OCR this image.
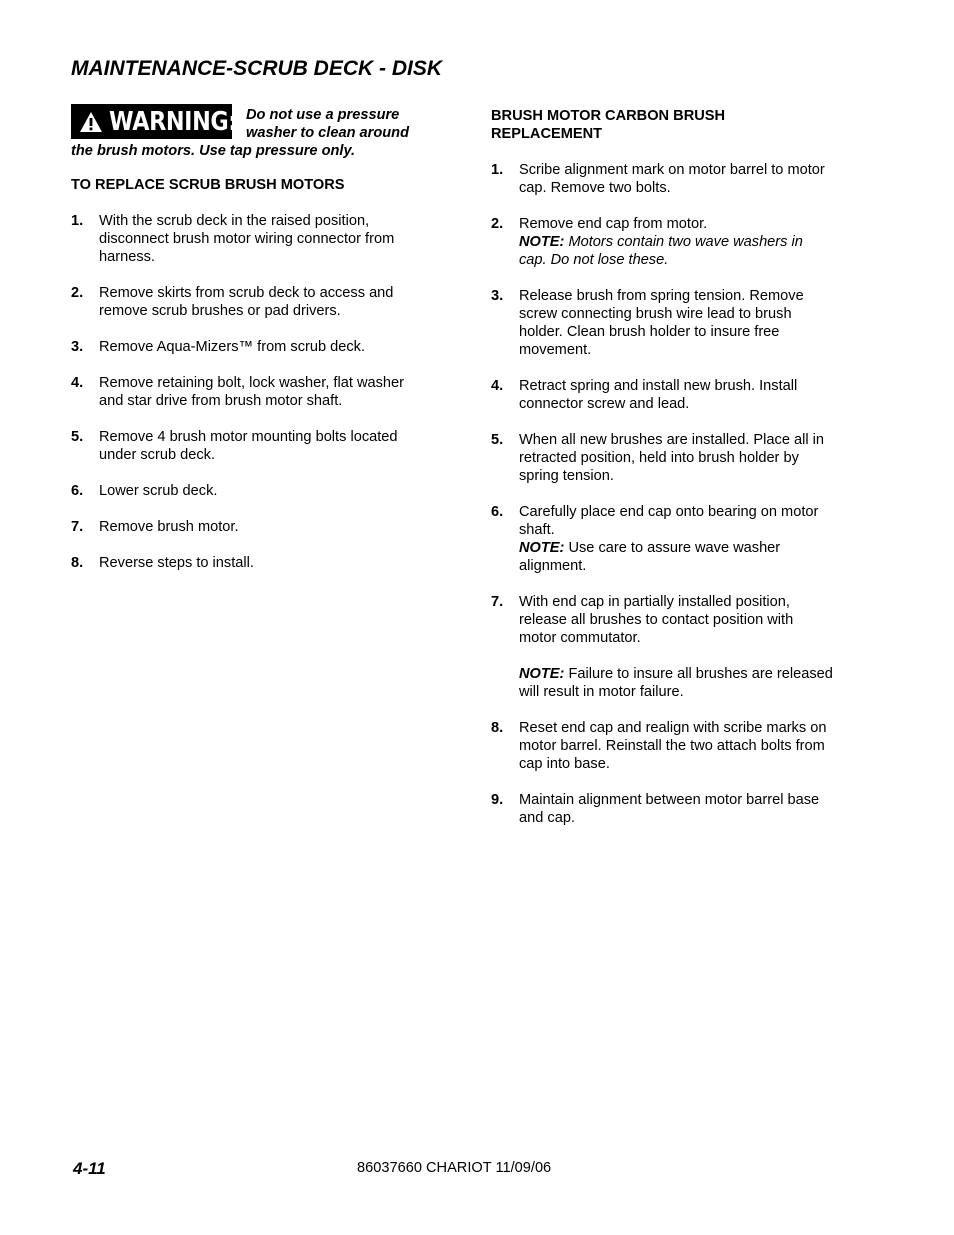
MAINTENANCE-SCRUB DECK - DISK
WARNING: Do not use a pressure
washer to clean around
the brush motors. Use tap pressure only.
TO REPLACE SCRUB BRUSH MOTORS
1.	With the scrub deck in the raised position,
disconnect brush motor wiring connector from
harness.
2.	Remove skirts from scrub deck to access and
remove scrub brushes or pad drivers.
3.	Remove Aqua-Mizers™ from scrub deck.
4.	Remove retaining bolt, lock washer, flat washer
and star drive from brush motor shaft.
5.	Remove 4 brush motor mounting bolts located
under scrub deck.
6.	Lower scrub deck.
7.	Remove brush motor.
8.	Reverse steps to install.
BRUSH MOTOR CARBON BRUSH
REPLACEMENT
1.	Scribe alignment mark on motor barrel to motor
cap. Remove two bolts.
2.	Remove end cap from motor.
NOTE: Motors contain two wave washers in
cap. Do not lose these.
3.	Release brush from spring tension. Remove
screw connecting brush wire lead to brush
holder. Clean brush holder to insure free
movement.
4.	Retract spring and install new brush. Install
connector screw and lead.
5.	When all new brushes are installed. Place all in
retracted position, held into brush holder by
spring tension.
6.	Carefully place end cap onto bearing on motor
shaft.
NOTE: Use care to assure wave washer
alignment.
7.	With end cap in partially installed position,
release all brushes to contact position with
motor commutator.
NOTE: Failure to insure all brushes are released
will result in motor failure.
8.	Reset end cap and realign with scribe marks on
motor barrel. Reinstall the two attach bolts from
cap into base.
9.	Maintain alignment between motor barrel base
and cap.
4-11	86037660 CHARIOT 11/09/06
